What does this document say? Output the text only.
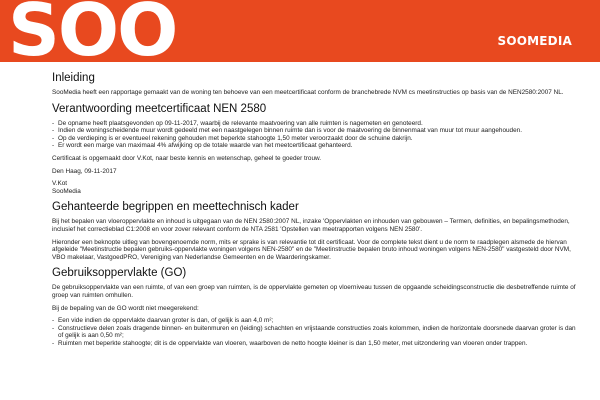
SOO	SOOMEDIA
Inleiding

SooMedia heeft een rapportage gemaakt van de woning ten behoeve van een meetcertificaat conform de branchebrede NVM cs meetinstructies op basis van de NEN2580:2007 NL.

Verantwoording meetcertificaat NEN 2580
- De opname heeft plaatsgevonden op 09-11-2017, waarbij de relevante maatvoering van alle ruimten is nagemeten en genoteerd.
- Indien de woningscheidende muur wordt gedeeld met een naastgelegen binnen ruimte dan is voor de maatvoering de binnenmaat van muur tot muur aangehouden.
- Op de verdieping is er eventueel rekening gehouden met beperkte stahoogte 1,50 meter veroorzaakt door de schuine dakrijn.
- Er wordt een marge van maximaal 4% afwijking op de totale waarde van het meetcertificaat gehanteerd.

Certificaat is opgemaakt door V.Kot, naar beste kennis en wetenschap, geheel te goeder trouw.

Den Haag, 09-11-2017

V.Kot

SooMedia

Gehanteerde begrippen en meettechnisch kader

Bij het bepalen van vloeroppervlakte en inhoud is uitgegaan van de NEN 2580:2007 NL, inzake 'Oppervlakten en inhouden van gebouwen – Termen, definities, en bepalingsmethoden, inclusief het correctieblad C1:2008 en voor zover relevant conform de NTA 2581 'Opstellen van meetrapporten volgens NEN 2580'.

Hieronder een beknopte uitleg van bovengenoemde norm, mits er sprake is van relevantie tot dit certificaat. Voor de complete tekst dient u de norm te raadplegen alsmede de hiervan afgeleide "Meetinstructie bepalen gebruiks-oppervlakte woningen volgens NEN-2580" en de "Meetinstructie bepalen bruto inhoud woningen volgens NEN-2580" vastgesteld door NVM, VBO makelaar, VastgoedPRO, Vereniging van Nederlandse Gemeenten en de Waarderingskamer.

Gebruiksoppervlakte (GO)

De gebruiksoppervlakte van een ruimte, of van een groep van ruimten, is de oppervlakte gemeten op vloerniveau tussen de opgaande scheidingsconstructie die desbetreffende ruimte of groep van ruimten omhullen.

Bij de bepaling van de GO wordt niet meegerekend:

- Een vide indien de oppervlakte daarvan groter is dan, of gelijk is aan 4,0 m²;
- Constructieve delen zoals dragende binnen- en buitenmuren en (leiding) schachten en vrijstaande constructies zoals kolommen, indien de horizontale doorsnede daarvan groter is dan of gelijk is aan 0,50 m²;
- Ruimten met beperkte stahoogte; dit is de oppervlakte van vloeren, waarboven de netto hoogte kleiner is dan 1,50 meter, met uitzondering van vloeren onder trappen.
